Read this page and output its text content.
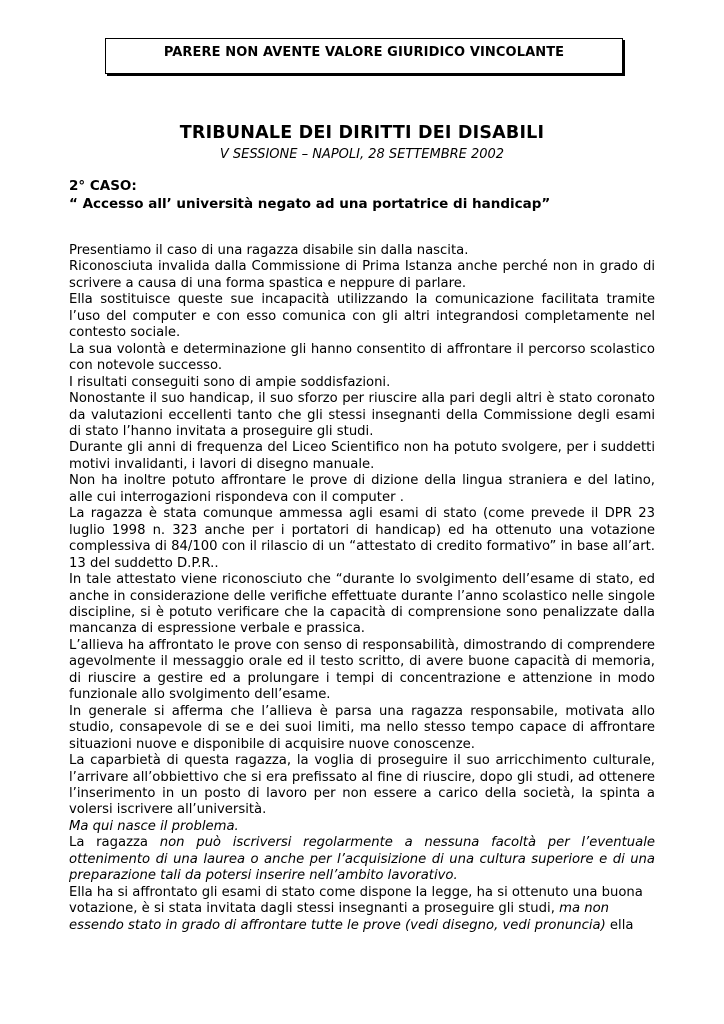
PARERE NON AVENTE VALORE GIURIDICO VINCOLANTE
TRIBUNALE DEI DIRITTI DEI DISABILI
V SESSIONE – NAPOLI, 28 SETTEMBRE 2002
2° CASO:
“ Accesso all’ università negato ad una portatrice di handicap”

Presentiamo il caso di una ragazza disabile sin dalla nascita.

Riconosciuta invalida dalla Commissione di Prima Istanza anche perché non in grado di scrivere a causa di una forma spastica e neppure di parlare.

Ella sostituisce queste sue incapacità utilizzando la comunicazione facilitata tramite l’uso del computer e con esso comunica con gli altri integrandosi completamente nel contesto sociale.

La sua volontà e determinazione gli hanno consentito di affrontare il percorso scolastico con notevole successo.

I risultati conseguiti sono di ampie soddisfazioni.

Nonostante il suo handicap, il suo sforzo per riuscire alla pari degli altri è stato coronato da valutazioni eccellenti tanto che gli stessi insegnanti della Commissione degli esami di stato l’hanno invitata a proseguire gli studi.

Durante gli anni di frequenza del Liceo Scientifico non ha potuto svolgere, per i suddetti motivi invalidanti, i lavori di disegno manuale.

Non ha inoltre potuto affrontare le prove di dizione della lingua straniera e del latino, alle cui interrogazioni rispondeva con il computer .

La ragazza è stata comunque ammessa agli esami di stato (come prevede il DPR 23 luglio 1998 n. 323 anche per i portatori di handicap) ed ha ottenuto una votazione complessiva di 84/100 con il rilascio di un “attestato di credito formativo” in base all’art. 13 del suddetto D.P.R..

In tale attestato viene riconosciuto che “durante lo svolgimento dell’esame di stato, ed anche in considerazione delle verifiche effettuate durante l’anno scolastico nelle singole discipline, si è potuto verificare che la capacità di comprensione sono penalizzate dalla mancanza di espressione verbale e prassica.

L’allieva ha affrontato le prove con senso di responsabilità, dimostrando di comprendere agevolmente il messaggio orale ed il testo scritto, di avere buone capacità di memoria, di riuscire a gestire ed a prolungare i tempi di concentrazione e attenzione in modo funzionale allo svolgimento dell’esame.

In generale si afferma che l’allieva è parsa una ragazza responsabile, motivata allo studio, consapevole di se e dei suoi limiti, ma nello stesso tempo capace di affrontare situazioni nuove e disponibile di acquisire nuove conoscenze.

La caparbietà di questa ragazza, la voglia di proseguire il suo arricchimento culturale, l’arrivare all’obbiettivo che si era prefissato al fine di riuscire, dopo gli studi, ad ottenere l’inserimento in un posto di lavoro per non essere a carico della società, la spinta a volersi iscrivere all’università.

Ma qui nasce il problema.

La ragazza non può iscriversi regolarmente a nessuna facoltà per l’eventuale ottenimento di una laurea o anche per l’acquisizione di una cultura superiore e di una preparazione tali da potersi inserire nell’ambito lavorativo.

Ella ha si affrontato gli esami di stato come dispone la legge, ha si ottenuto una buona votazione, è si stata invitata dagli stessi insegnanti a proseguire gli studi, ma non essendo stato in grado di affrontare tutte le prove (vedi disegno, vedi pronuncia) ella
